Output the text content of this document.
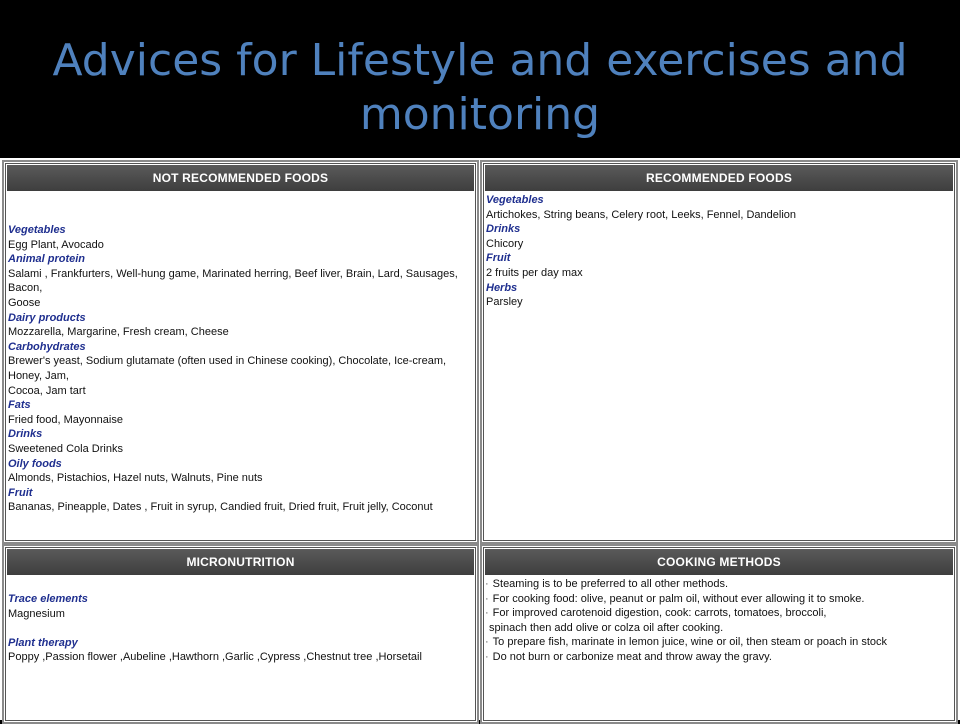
Advices for Lifestyle and exercises and
monitoring
NOT RECOMMENDED FOODS
Vegetables
Egg Plant, Avocado
Animal protein
Salami , Frankfurters, Well-hung game, Marinated herring, Beef liver, Brain, Lard, Sausages, Bacon,
Goose
Dairy products
Mozzarella, Margarine, Fresh cream, Cheese
Carbohydrates
Brewer's yeast, Sodium glutamate (often used in Chinese cooking), Chocolate, Ice-cream, Honey, Jam,
Cocoa, Jam tart
Fats
Fried food, Mayonnaise
Drinks
Sweetened Cola Drinks
Oily foods
Almonds, Pistachios, Hazel nuts, Walnuts, Pine nuts
Fruit
Bananas, Pineapple, Dates , Fruit in syrup, Candied fruit, Dried fruit, Fruit jelly, Coconut
RECOMMENDED FOODS
Vegetables
Artichokes, String beans, Celery root, Leeks, Fennel, Dandelion
Drinks
Chicory
Fruit
2 fruits per day max
Herbs
Parsley
MICRONUTRITION
Trace elements
Magnesium
Plant therapy
Poppy ,Passion flower ,Aubeline ,Hawthorn ,Garlic ,Cypress ,Chestnut tree ,Horsetail
COOKING METHODS
· Steaming is to be preferred to all other methods.
· For cooking food: olive, peanut or palm oil, without ever allowing it to smoke.
· For improved carotenoid digestion, cook: carrots, tomatoes, broccoli,
spinach then add olive or colza oil after cooking.
· To prepare fish, marinate in lemon juice, wine or oil, then steam or poach in stock
· Do not burn or carbonize meat and throw away the gravy.
